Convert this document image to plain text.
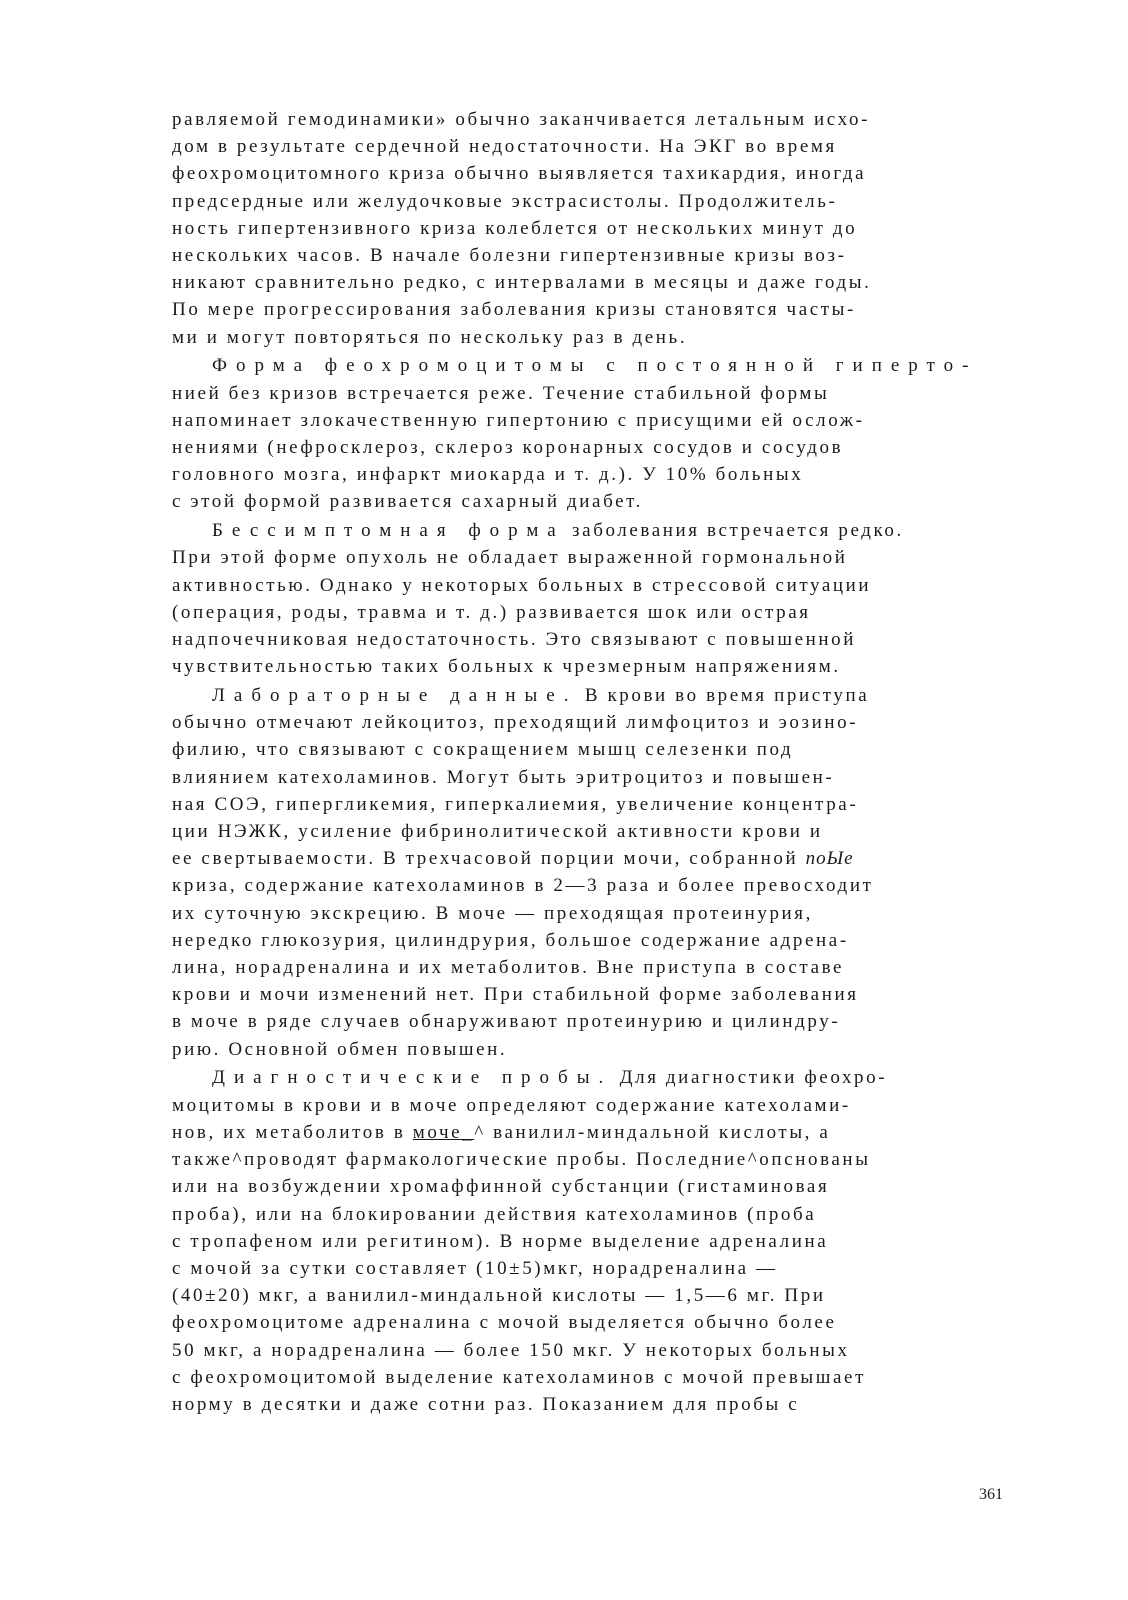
равляемой гемодинамики» обычно заканчивается летальным исхо-
дом в результате сердечной недостаточности. На ЭКГ во время
феохромоцитомного криза обычно выявляется тахикардия, иногда
предсердные или желудочковые экстрасистолы. Продолжитель-
ность гипертензивного криза колеблется от нескольких минут до
нескольких часов. В начале болезни гипертензивные кризы воз-
никают сравнительно редко, с интервалами в месяцы и даже годы.
По мере прогрессирования заболевания кризы становятся часты-
ми и могут повторяться по нескольку раз в день.
Форма феохромоцитомы с постоянной гиперто-
нией без кризов встречается реже. Течение стабильной формы
напоминает злокачественную гипертонию с присущими ей ослож-
нениями (нефросклероз, склероз коронарных сосудов и сосудов
головного мозга, инфаркт миокарда и т. д.). У 10% больных
с этой формой развивается сахарный диабет.
Бессимптомная форма заболевания встречается редко.
При этой форме опухоль не обладает выраженной гормональной
активностью. Однако у некоторых больных в стрессовой ситуации
(операция, роды, травма и т. д.) развивается шок или острая
надпочечниковая недостаточность. Это связывают с повышенной
чувствительностью таких больных к чрезмерным напряжениям.
Лабораторные данные. В крови во время приступа
обычно отмечают лейкоцитоз, преходящий лимфоцитоз и эозино-
филию, что связывают с сокращением мышц селезенки под
влиянием катехоламинов. Могут быть эритроцитоз и повышен-
ная СОЭ, гипергликемия, гиперкалиемия, увеличение концентра-
ции НЭЖК, усиление фибринолитической активности крови и
ее свертываемости. В трехчасовой порции мочи, собранной поЫе
криза, содержание катехоламинов в 2—3 раза и более превосходит
их суточную экскрецию. В моче — преходящая протеинурия,
нередко глюкозурия, цилиндрурия, большое содержание адрена-
лина, норадреналина и их метаболитов. Вне приступа в составе
крови и мочи изменений нет. При стабильной форме заболевания
в моче в ряде случаев обнаруживают протеинурию и цилиндру-
рию. Основной обмен повышен.
Диагностические пробы. Для диагностики феохро-
моцитомы в крови и в моче определяют содержание катехолами-
нов, их метаболитов в моче_^ ванилил-миндальной кислоты, а
также^проводят фармакологические пробы. Последние^опснованы
или на возбуждении хромаффинной субстанции (гистаминовая
проба), или на блокировании действия катехоламинов (проба
с тропафеном или регитином). В норме выделение адреналина
с мочой за сутки составляет (10±5)мкг, норадреналина —
(40±20) мкг, а ванилил-миндальной кислоты — 1,5—6 мг. При
феохромоцитоме адреналина с мочой выделяется обычно более
50 мкг, а норадреналина — более 150 мкг. У некоторых больных
с феохромоцитомой выделение катехоламинов с мочой превышает
норму в десятки и даже сотни раз. Показанием для пробы с
361
